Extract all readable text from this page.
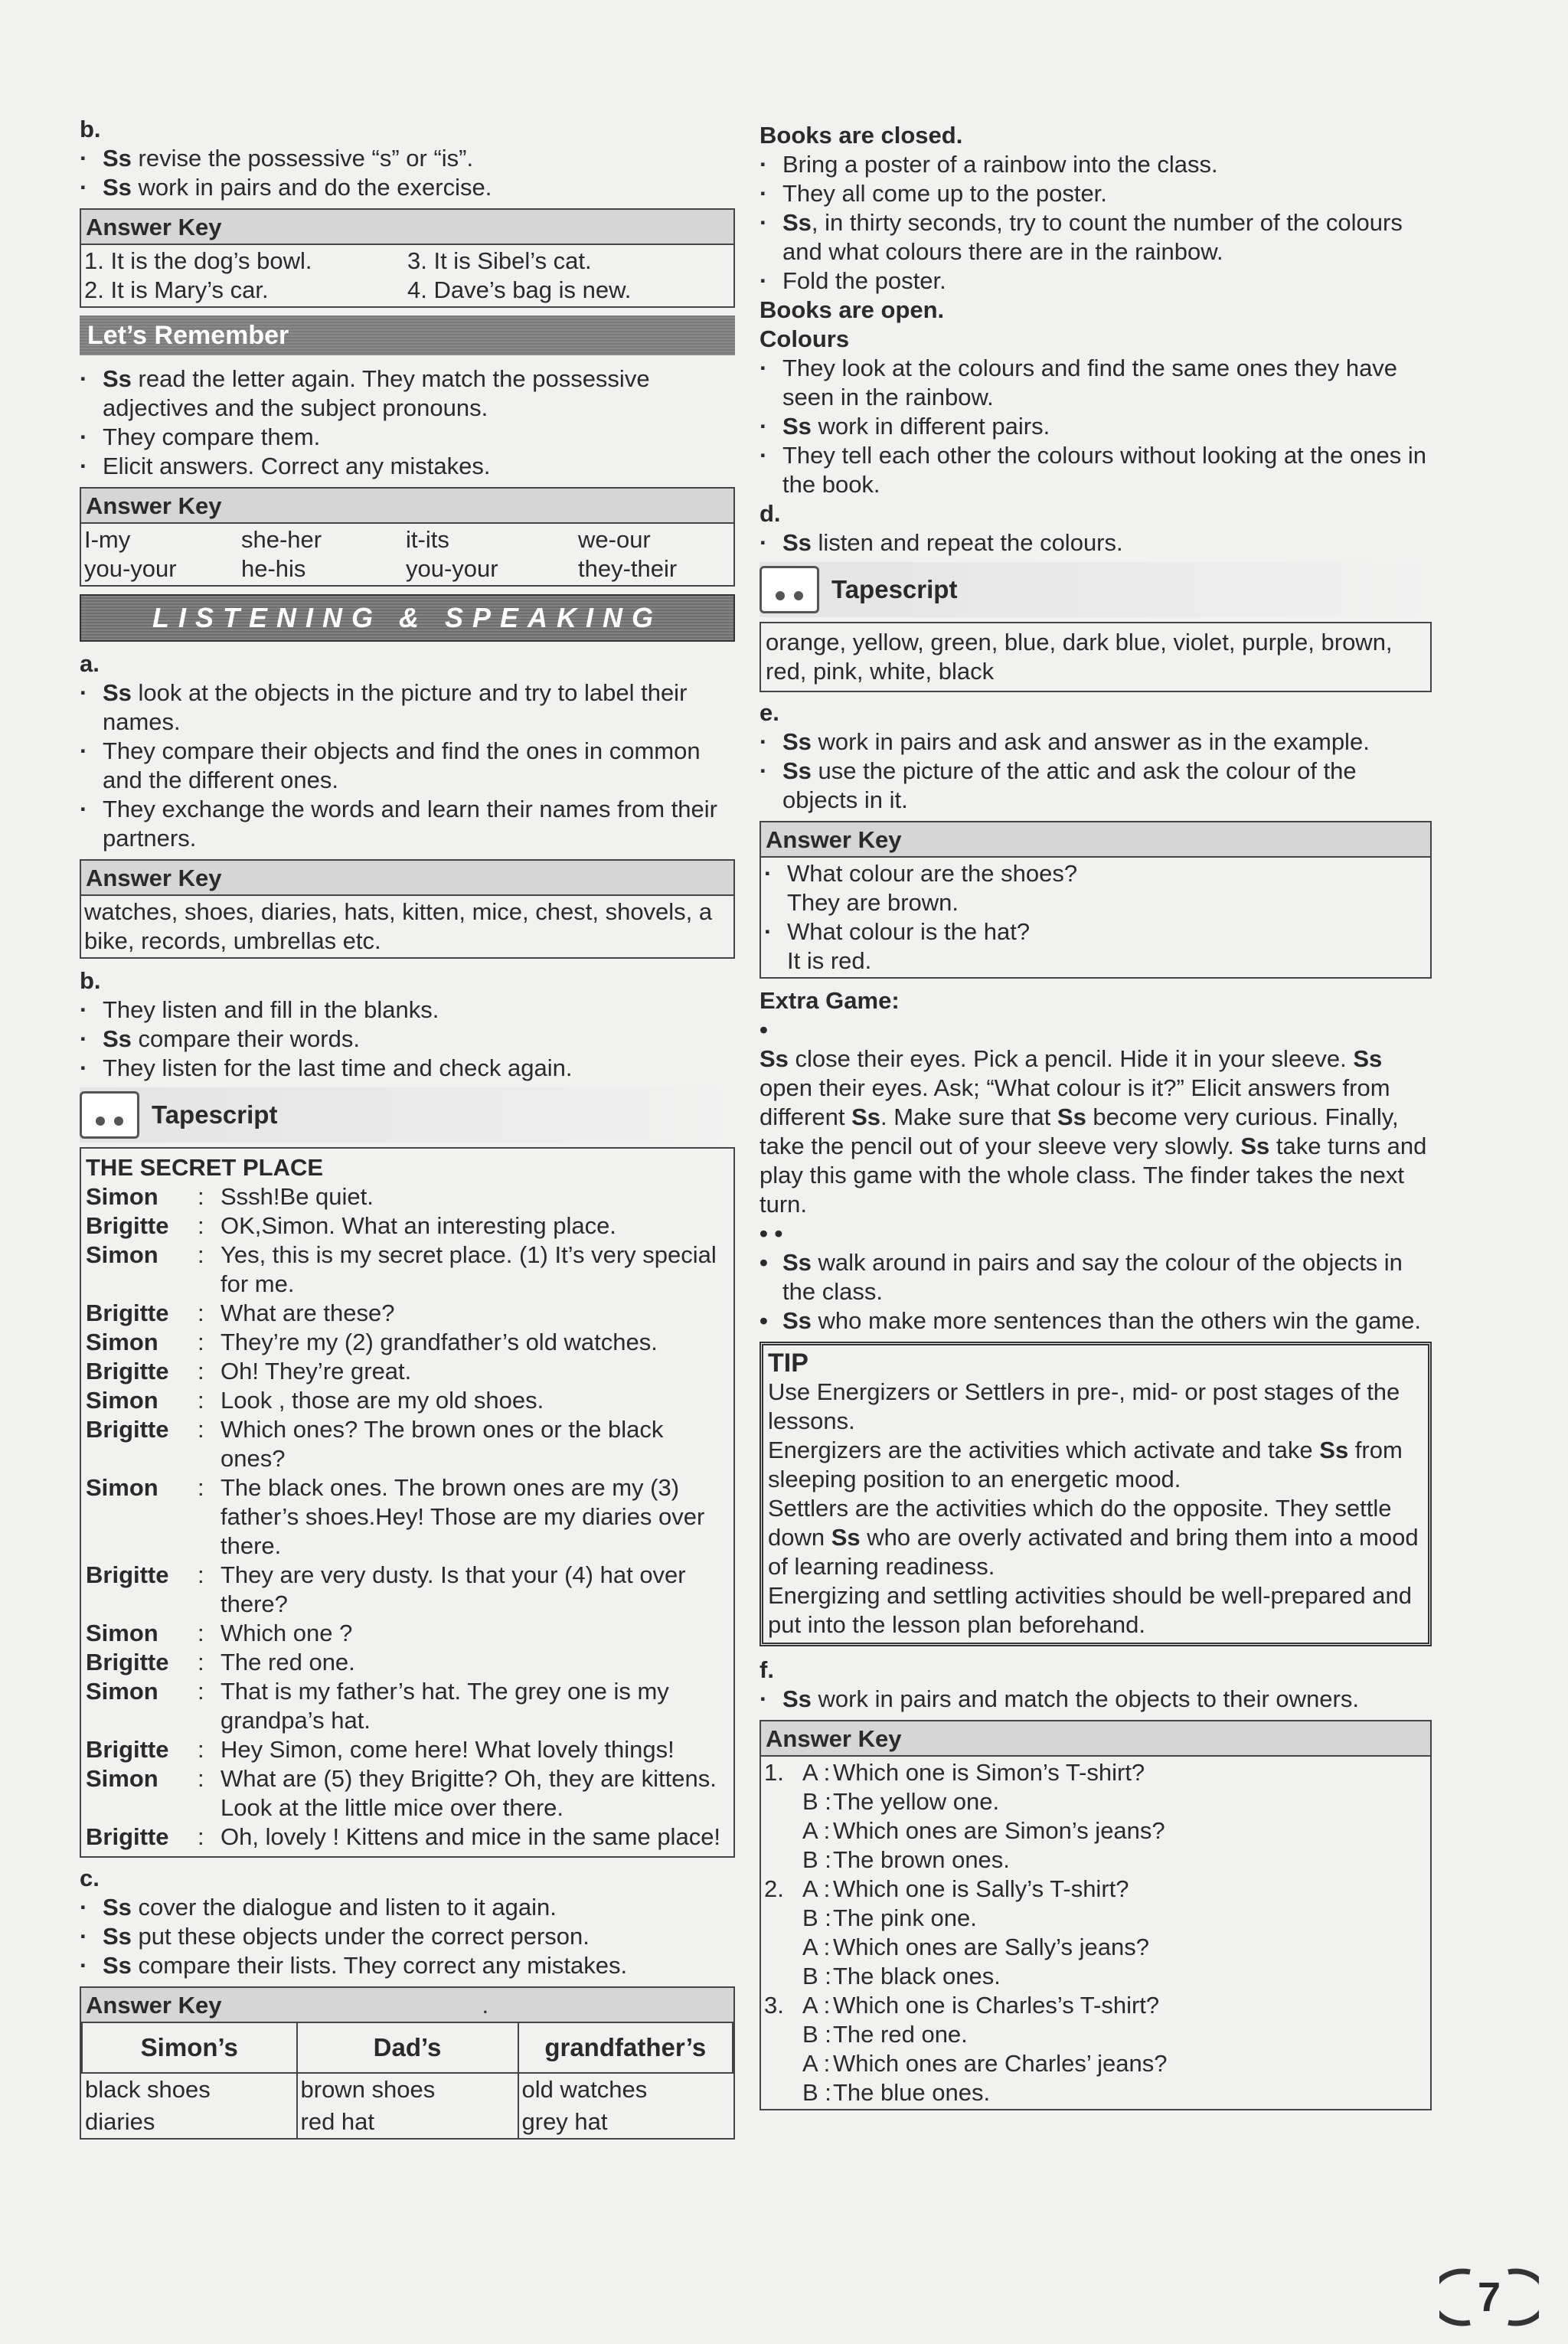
b.
· Ss revise the possessive “s” or “is”.
· Ss work in pairs and do the exercise.
Answer Key
1. It is the dog’s bowl.	3. It is Sibel’s cat.
2. It is Mary’s car.	4. Dave’s bag is new.
Let’s Remember
· Ss read the letter again. They match the possessive adjectives and the subject pronouns.
· They compare them.
· Elicit answers. Correct any mistakes.
Answer Key
I-my	she-her	it-its	we-our
you-your	he-his	you-your	they-their
LISTENING & SPEAKING
a.
· Ss look at the objects in the picture and try to label their names.
· They compare their objects and find the ones in common and the different ones.
· They exchange the words and learn their names from their partners.
Answer Key
watches, shoes, diaries, hats, kitten, mice, chest, shovels, a bike, records, umbrellas etc.
b.
· They listen and fill in the blanks.
· Ss compare their words.
· They listen for the last time and check again.
Tapescript
THE SECRET PLACE
Simon	: Sssh!Be quiet.
Brigitte	: OK,Simon. What an interesting place.
Simon	: Yes, this is my secret place. (1) It’s very special for me.
Brigitte	: What are these?
Simon	: They’re my (2) grandfather’s old watches.
Brigitte	: Oh! They’re great.
Simon	: Look , those are my old shoes.
Brigitte	: Which ones? The brown ones or the black ones?
Simon	: The black ones. The brown ones are my (3) father’s shoes.Hey! Those are my diaries over there.
Brigitte	: They are very dusty. Is that your (4) hat over there?
Simon	: Which one ?
Brigitte	: The red one.
Simon	: That is my father’s hat. The grey one is my grandpa’s hat.
Brigitte	: Hey Simon, come here! What lovely things!
Simon	: What are (5) they Brigitte? Oh, they are kittens. Look at the little mice over there.
Brigitte	: Oh, lovely ! Kittens and mice in the same place!
c.
· Ss cover the dialogue and listen to it again.
· Ss put these objects under the correct person.
· Ss compare their lists. They correct any mistakes.
Answer Key	.
Simon’s	Dad’s	grandfather’s
black shoes	brown shoes	old watches
diaries	red hat	grey hat
Books are closed.
· Bring a poster of a rainbow into the class.
· They all come up to the poster.
· Ss, in thirty seconds, try to count the number of the colours and what colours there are in the rainbow.
· Fold the poster.
Books are open.
Colours
· They look at the colours and find the same ones they have seen in the rainbow.
· Ss work in different pairs.
· They tell each other the colours without looking at the ones in the book.
d.
· Ss listen and repeat the colours.
Tapescript
orange, yellow, green, blue, dark blue, violet, purple, brown, red, pink, white, black
e.
· Ss work in pairs and ask and answer as in the example.
· Ss use the picture of the attic and ask the colour of the objects in it.
Answer Key
· What colour are the shoes?
They are brown.
· What colour is the hat?
It is red.
Extra Game:
•
Ss close their eyes. Pick a pencil. Hide it in your sleeve. Ss open their eyes. Ask; “What colour is it?” Elicit answers from different Ss. Make sure that Ss become very curious. Finally, take the pencil out of your sleeve very slowly. Ss take turns and play this game with the whole class. The finder takes the next turn.
• •
• Ss walk around in pairs and say the colour of the objects in the class.
• Ss who make more sentences than the others win the game.
TIP
Use Energizers or Settlers in pre-, mid- or post stages of the lessons.
Energizers are the activities which activate and take Ss from sleeping position to an energetic mood.
Settlers are the activities which do the opposite. They settle down Ss who are overly activated and bring them into a mood of learning readiness.
Energizing and settling activities should be well-prepared and put into the lesson plan beforehand.
f.
· Ss work in pairs and match the objects to their owners.
Answer Key
1. A : Which one is Simon’s T-shirt?
B : The yellow one.
A : Which ones are Simon’s jeans?
B : The brown ones.
2. A : Which one is Sally’s T-shirt?
B : The pink one.
A : Which ones are Sally’s jeans?
B : The black ones.
3. A : Which one is Charles’s T-shirt?
B : The red one.
A : Which ones are Charles’ jeans?
B : The blue ones.
7
